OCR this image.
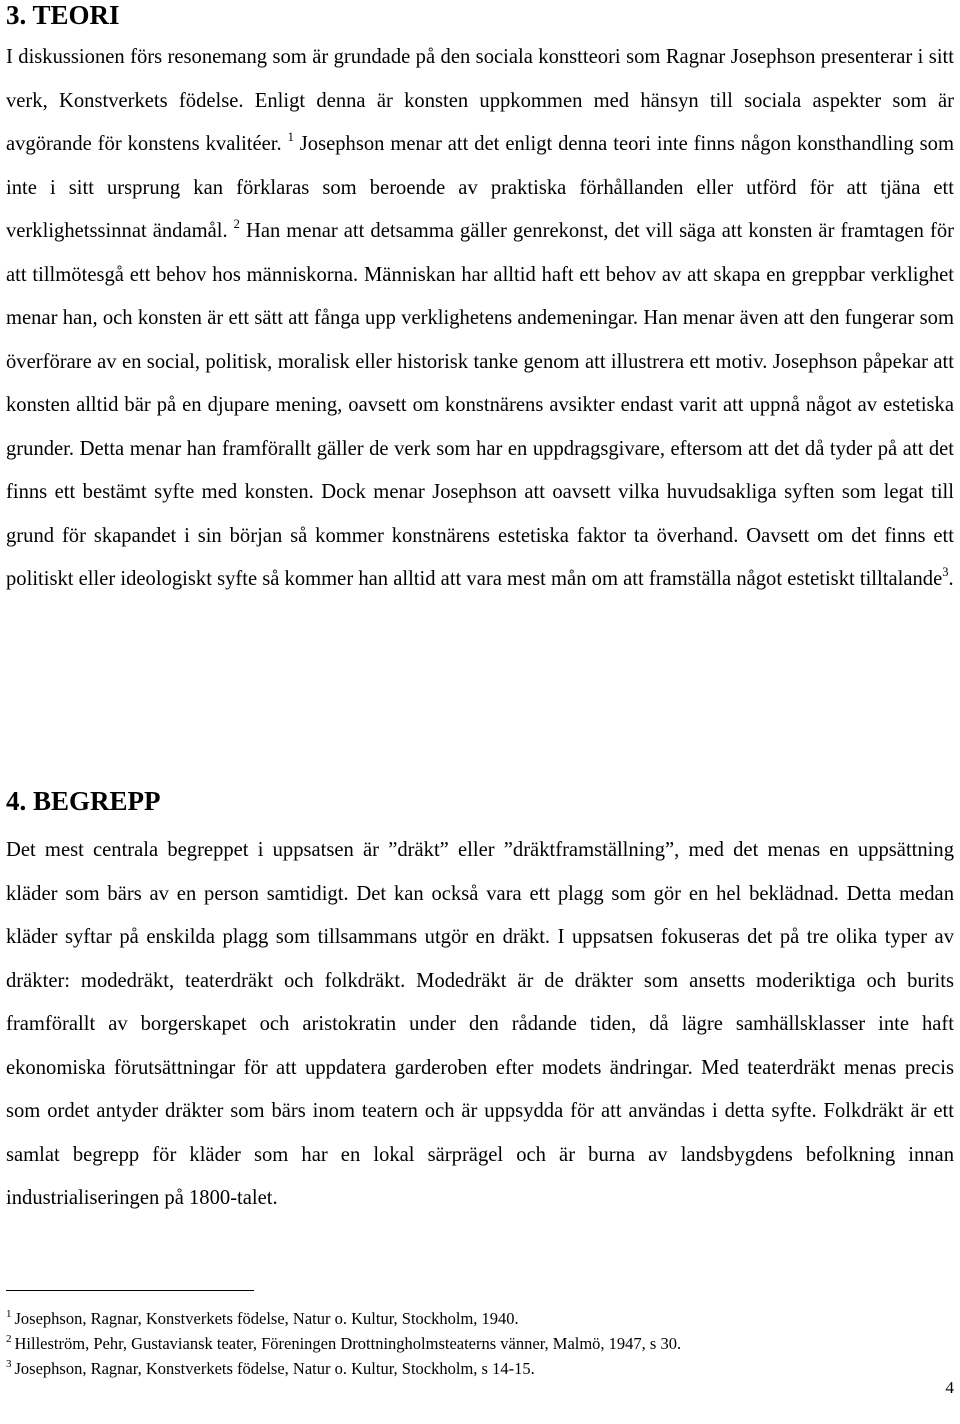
3. TEORI

I diskussionen förs resonemang som är grundade på den sociala konstteori som Ragnar Josephson presenterar i sitt verk, Konstverkets födelse. Enligt denna är konsten uppkommen med hänsyn till sociala aspekter som är avgörande för konstens kvalitéer. $^1$ Josephson menar att det enligt denna teori inte finns någon konsthandling som inte i sitt ursprung kan förklaras som beroende av praktiska förhållanden eller utförd för att tjäna ett verklighetssinnat ändamål. $^2$ Han menar att detsamma gäller genrekonst, det vill säga att konsten är framtagen för att tillmötesgå ett behov hos människorna. Människan har alltid haft ett behov av att skapa en greppbar verklighet menar han, och konsten är ett sätt att fånga upp verklighetens andemeningar. Han menar även att den fungerar som överförare av en social, politisk, moralisk eller historisk tanke genom att illustrera ett motiv. Josephson påpekar att konsten alltid bär på en djupare mening, oavsett om konstnärens avsikter endast varit att uppnå något av estetiska grunder. Detta menar han framförallt gäller de verk som har en uppdragsgivare, eftersom att det då tyder på att det finns ett bestämt syfte med konsten. Dock menar Josephson att oavsett vilka huvudsakliga syften som legat till grund för skapandet i sin början så kommer konstnärens estetiska faktor ta överhand. Oavsett om det finns ett politiskt eller ideologiskt syfte så kommer han alltid att vara mest mån om att framställa något estetiskt tilltalande$^3$.

4. BEGREPP

Det mest centrala begreppet i uppsatsen är ”dräkt” eller ”dräktframställning”, med det menas en uppsättning kläder som bärs av en person samtidigt. Det kan också vara ett plagg som gör en hel beklädnad. Detta medan kläder syftar på enskilda plagg som tillsammans utgör en dräkt. I uppsatsen fokuseras det på tre olika typer av dräkter: modedräkt, teaterdräkt och folkdräkt. Modedräkt är de dräkter som ansetts moderiktiga och burits framförallt av borgerskapet och aristokratin under den rådande tiden, då lägre samhällsklasser inte haft ekonomiska förutsättningar för att uppdatera garderoben efter modets ändringar. Med teaterdräkt menas precis som ordet antyder dräkter som bärs inom teatern och är uppsydda för att användas i detta syfte. Folkdräkt är ett samlat begrepp för kläder som har en lokal särprägel och är burna av landsbygdens befolkning innan industrialiseringen på 1800-talet.

$^1$ Josephson, Ragnar, Konstverkets födelse, Natur o. Kultur, Stockholm, 1940.

$^2$ Hilleström, Pehr, Gustaviansk teater, Föreningen Drottningholmsteaterns vänner, Malmö, 1947, s 30.

$^3$ Josephson, Ragnar, Konstverkets födelse, Natur o. Kultur, Stockholm, s 14-15.

4
